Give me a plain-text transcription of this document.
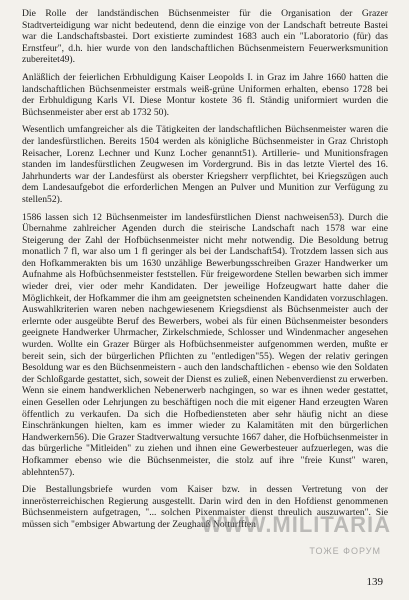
Die Rolle der landständischen Büchsenmeister für die Organisation der Grazer Stadtverteidigung war nicht bedeutend, denn die einzige von der Landschaft betreute Bastei war die Landschaftsbastei. Dort existierte zumindest 1683 auch ein "Laboratorio (für) das Ernstfeur", d.h. hier wurde von den landschaftlichen Büchsenmeistern Feuerwerksmunition zubereitet49).

Anläßlich der feierlichen Erbhuldigung Kaiser Leopolds I. in Graz im Jahre 1660 hatten die landschaftlichen Büchsenmeister erstmals weiß-grüne Uniformen erhalten, ebenso 1728 bei der Erbhuldigung Karls VI. Diese Montur kostete 36 fl. Ständig uniformiert wurden die Büchsenmeister aber erst ab 1732 50).

Wesentlich umfangreicher als die Tätigkeiten der landschaftlichen Büchsenmeister waren die der landesfürstlichen. Bereits 1504 werden als königliche Büchsenmeister in Graz Christoph Reisacher, Lorenz Lechner und Kunz Locher genannt51). Artillerie- und Munitionsfragen standen im landesfürstlichen Zeugwesen im Vordergrund. Bis in das letzte Viertel des 16. Jahrhunderts war der Landesfürst als oberster Kriegsherr verpflichtet, bei Kriegszügen auch dem Landesaufgebot die erforderlichen Mengen an Pulver und Munition zur Verfügung zu stellen52).

1586 lassen sich 12 Büchsenmeister im landesfürstlichen Dienst nachweisen53). Durch die Übernahme zahlreicher Agenden durch die steirische Landschaft nach 1578 war eine Steigerung der Zahl der Hofbüchsenmeister nicht mehr notwendig. Die Besoldung betrug monatlich 7 fl, war also um 1 fl geringer als bei der Landschaft54). Trotzdem lassen sich aus den Hofkammerakten bis um 1630 unzählige Bewerbungsschreiben Grazer Handwerker um Aufnahme als Hofbüchsenmeister feststellen. Für freigewordene Stellen bewarben sich immer wieder drei, vier oder mehr Kandidaten. Der jeweilige Hofzeugwart hatte daher die Möglichkeit, der Hofkammer die ihm am geeignetsten scheinenden Kandidaten vorzuschlagen. Auswahlkriterien waren neben nachgewiesenem Kriegsdienst als Büchsenmeister auch der erlernte oder ausgeübte Beruf des Bewerbers, wobei als für einen Büchsenmeister besonders geeignete Handwerker Uhrmacher, Zirkelschmiede, Schlosser und Windenmacher angesehen wurden. Wollte ein Grazer Bürger als Hofbüchsenmeister aufgenommen werden, mußte er bereit sein, sich der bürgerlichen Pflichten zu "entledigen"55). Wegen der relativ geringen Besoldung war es den Büchsenmeistern - auch den landschaftlichen - ebenso wie den Soldaten der Schloßgarde gestattet, sich, soweit der Dienst es zuließ, einen Nebenverdienst zu erwerben. Wenn sie einem handwerklichen Nebenerwerb nachgingen, so war es ihnen weder gestattet, einen Gesellen oder Lehrjungen zu beschäftigen noch die mit eigener Hand erzeugten Waren öffentlich zu verkaufen. Da sich die Hofbediensteten aber sehr häufig nicht an diese Einschränkungen hielten, kam es immer wieder zu Kalamitäten mit den bürgerlichen Handwerkern56). Die Grazer Stadtverwaltung versuchte 1667 daher, die Hofbüchsenmeister in das bürgerliche "Mitleiden" zu ziehen und ihnen eine Gewerbesteuer aufzuerlegen, was die Hofkammer ebenso wie die Büchsenmeister, die stolz auf ihre "freie Kunst" waren, ablehnten57).

Die Bestallungsbriefe wurden vom Kaiser bzw. in dessen Vertretung von der innerösterreichischen Regierung ausgestellt. Darin wird den in den Hofdienst genommenen Büchsenmeistern aufgetragen, "... solchen Pixenmaister dienst threulich auszuwarten". Sie müssen sich "embsiger Abwartung der Zeughauß Notturfften

WWW.MILITARIA
ТОЖЕ ФОРУМ
139
